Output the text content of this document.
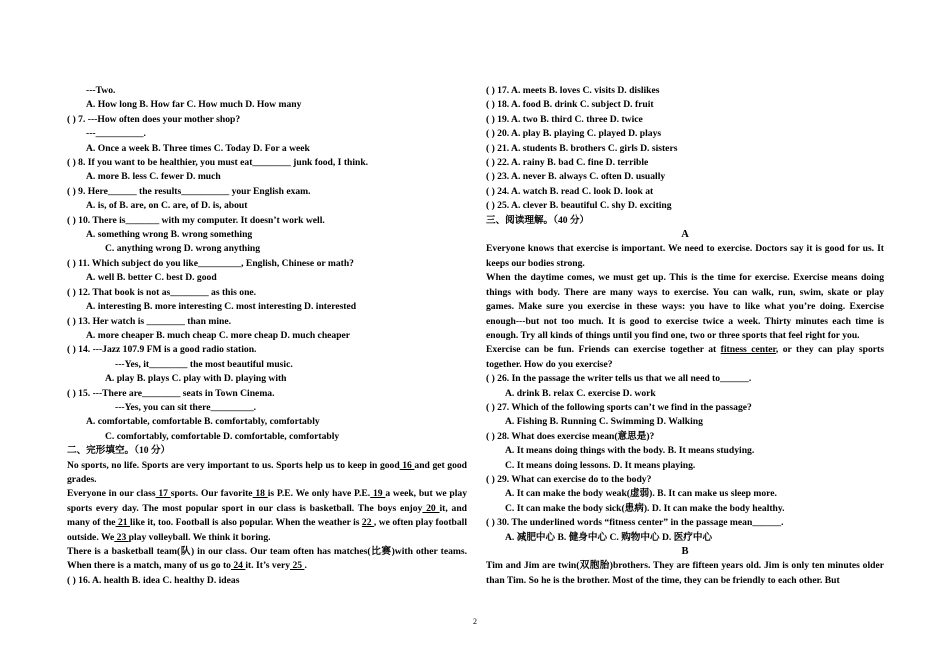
---Two.
A. How long B. How far C. How much D. How many
( ) 7. ---How often does your mother shop?
---__________.
A. Once a week B. Three times C. Today D. For a week
( ) 8. If you want to be healthier, you must eat________ junk food, I think.
A. more B. less C. fewer D. much
( ) 9. Here______ the results__________ your English exam.
A. is, of B. are, on C. are, of D. is, about
( ) 10. There is_______ with my computer. It doesn’t work well.
A. something wrong B. wrong something
C. anything wrong D. wrong anything
( ) 11. Which subject do you like_________, English, Chinese or math?
A. well B. better C. best D. good
( ) 12. That book is not as________ as this one.
A. interesting B. more interesting C. most interesting D. interested
( ) 13. Her watch is ________ than mine.
A. more cheaper B. much cheap C. more cheap D. much cheaper
( ) 14. ---Jazz 107.9 FM is a good radio station.
---Yes, it________ the most beautiful music.
A. play B. plays C. play with D. playing with
( ) 15. ---There are________ seats in Town Cinema.
---Yes, you can sit there_________.
A. comfortable, comfortable B. comfortably, comfortably
C. comfortably, comfortable D. comfortable, comfortably
二、完形填空。（10 分）
No sports, no life. Sports are very important to us. Sports help us to keep in good 16 and get good grades.
Everyone in our class 17 sports. Our favorite 18 is P.E. We only have P.E. 19 a week, but we play sports every day. The most popular sport in our class is basketball. The boys enjoy 20 it, and many of the 21 like it, too. Football is also popular. When the weather is 22 , we often play football outside. We 23 play volleyball. We think it boring.
There is a basketball team(队) in our class. Our team often has matches(比赛)with other teams. When there is a match, many of us go to 24 it. It’s very 25 .
( ) 16. A. health B. idea C. healthy D. ideas
( ) 17. A. meets B. loves C. visits D. dislikes
( ) 18. A. food B. drink C. subject D. fruit
( ) 19. A. two B. third C. three D. twice
( ) 20. A. play B. playing C. played D. plays
( ) 21. A. students B. brothers C. girls D. sisters
( ) 22. A. rainy B. bad C. fine D. terrible
( ) 23. A. never B. always C. often D. usually
( ) 24. A. watch B. read C. look D. look at
( ) 25. A. clever B. beautiful C. shy D. exciting
三、阅读理解。（40 分）
A
Everyone knows that exercise is important. We need to exercise. Doctors say it is good for us. It keeps our bodies strong.
When the daytime comes, we must get up. This is the time for exercise. Exercise means doing things with body. There are many ways to exercise. You can walk, run, swim, skate or play games. Make sure you exercise in these ways: you have to like what you’re doing. Exercise enough---but not too much. It is good to exercise twice a week. Thirty minutes each time is enough. Try all kinds of things until you find one, two or three sports that feel right for you.
Exercise can be fun. Friends can exercise together at fitness center, or they can play sports together. How do you exercise?
( ) 26. In the passage the writer tells us that we all need to______.
A. drink B. relax C. exercise D. work
( ) 27. Which of the following sports can’t we find in the passage?
A. Fishing B. Running C. Swimming D. Walking
( ) 28. What does exercise mean(意思是)?
A. It means doing things with the body. B. It means studying.
C. It means doing lessons. D. It means playing.
( ) 29. What can exercise do to the body?
A. It can make the body weak(虚弱). B. It can make us sleep more.
C. It can make the body sick(患病). D. It can make the body healthy.
( ) 30. The underlined words “fitness center” in the passage mean______.
A. 减肥中心 B. 健身中心 C. 购物中心 D. 医疗中心
B
Tim and Jim are twin(双胞胎)brothers. They are fifteen years old. Jim is only ten minutes older than Tim. So he is the brother. Most of the time, they can be friendly to each other. But
2
